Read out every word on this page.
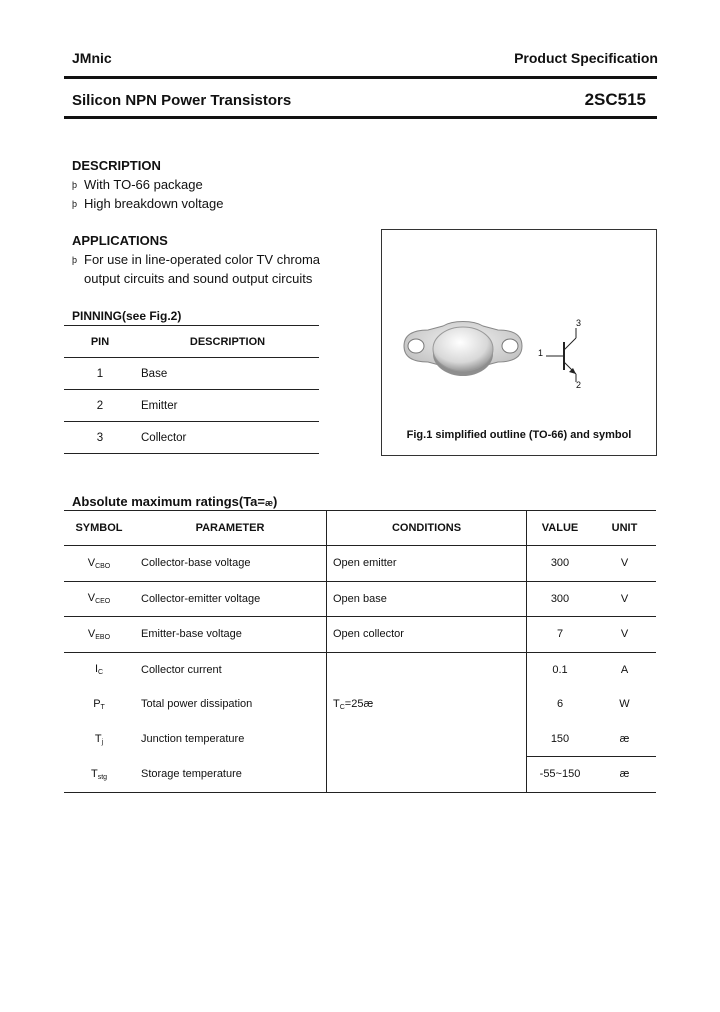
JMnic	Product Specification
Silicon NPN Power Transistors	2SC515
DESCRIPTION
þ With TO-66 package
þ High breakdown voltage
APPLICATIONS
þ For use in line-operated color TV chroma
output circuits and sound output circuits
PINNING(see Fig.2)
PIN	DESCRIPTION
1	Base
2	Emitter
3	Collector
1
2
3
Fig.1 simplified outline (TO-66) and symbol
Absolute maximum ratings(Ta=æ)
SYMBOL	PARAMETER	CONDITIONS	VALUE	UNIT
$V_{CBO}$	Collector-base voltage	Open emitter	300	V
$V_{CEO}$	Collector-emitter voltage	Open base	300	V
$V_{EBO}$	Emitter-base voltage	Open collector	7	V
$I_C$	Collector current	$T_C=25æ$	0.1	A
$P_T$	Total power dissipation		6	W
$T_j$	Junction temperature		150	æ
$T_{stg}$	Storage temperature		-55~150	æ
